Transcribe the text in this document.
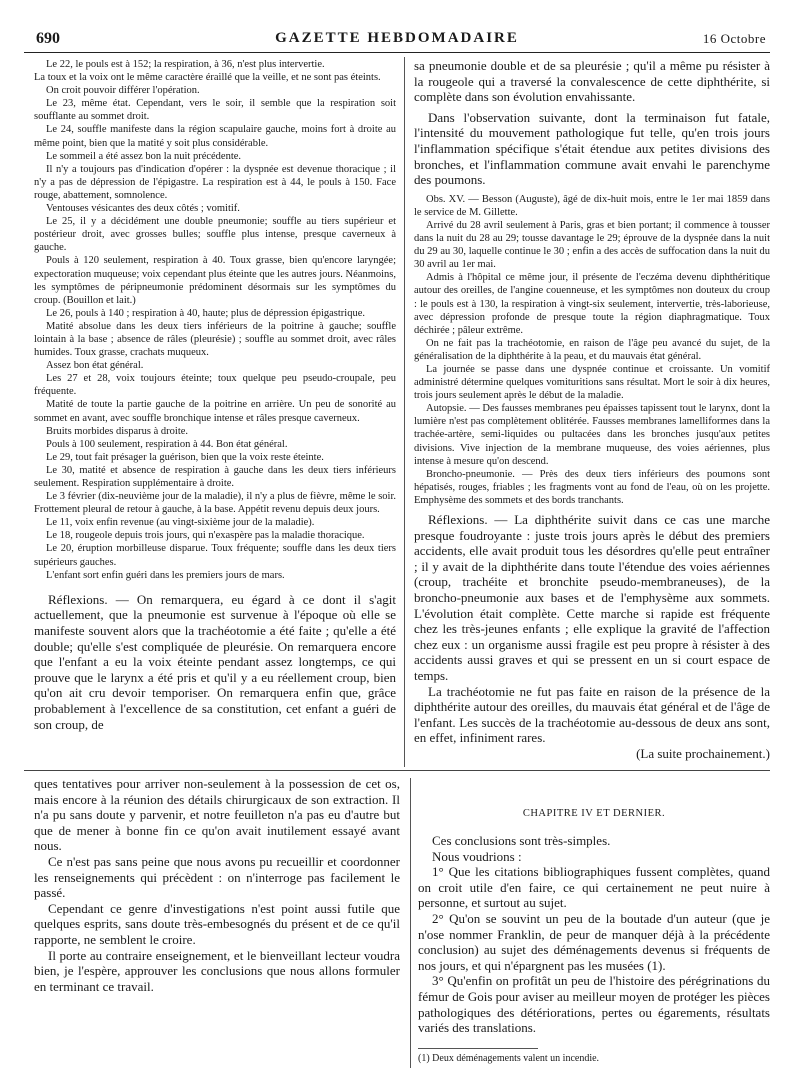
690	GAZETTE HEBDOMADAIRE	16 Octobre

Le 22, le pouls est à 152; la respiration, à 36, n'est plus intervertie.

La toux et la voix ont le même caractère éraillé que la veille, et ne sont pas éteints.

On croit pouvoir différer l'opération.

Le 23, même état. Cependant, vers le soir, il semble que la respiration soit soufflante au sommet droit.

Le 24, souffle manifeste dans la région scapulaire gauche, moins fort à droite au même point, bien que la matité y soit plus considérable.

Le sommeil a été assez bon la nuit précédente.

Il n'y a toujours pas d'indication d'opérer : la dyspnée est devenue thoracique ; il n'y a pas de dépression de l'épigastre. La respiration est à 44, le pouls à 150. Face rouge, abattement, somnolence.

Ventouses vésicantes des deux côtés ; vomitif.

Le 25, il y a décidément une double pneumonie; souffle au tiers supérieur et postérieur droit, avec grosses bulles; souffle plus intense, presque caverneux à gauche.

Pouls à 120 seulement, respiration à 40. Toux grasse, bien qu'encore laryngée; expectoration muqueuse; voix cependant plus éteinte que les autres jours. Néanmoins, les symptômes de péripneumonie prédominent désormais sur les symptômes du croup. (Bouillon et lait.)

Le 26, pouls à 140 ; respiration à 40, haute; plus de dépression épigastrique.

Matité absolue dans les deux tiers inférieurs de la poitrine à gauche; souffle lointain à la base ; absence de râles (pleurésie) ; souffle au sommet droit, avec râles humides. Toux grasse, crachats muqueux.

Assez bon état général.

Les 27 et 28, voix toujours éteinte; toux quelque peu pseudo-croupale, peu fréquente.

Matité de toute la partie gauche de la poitrine en arrière. Un peu de sonorité au sommet en avant, avec souffle bronchique intense et râles presque caverneux.

Bruits morbides disparus à droite.

Pouls à 100 seulement, respiration à 44. Bon état général.

Le 29, tout fait présager la guérison, bien que la voix reste éteinte.

Le 30, matité et absence de respiration à gauche dans les deux tiers inférieurs seulement. Respiration supplémentaire à droite.

Le 3 février (dix-neuvième jour de la maladie), il n'y a plus de fièvre, même le soir. Frottement pleural de retour à gauche, à la base. Appétit revenu depuis deux jours.

Le 11, voix enfin revenue (au vingt-sixième jour de la maladie).

Le 18, rougeole depuis trois jours, qui n'exaspère pas la maladie thoracique.

Le 20, éruption morbilleuse disparue. Toux fréquente; souffle dans les deux tiers supérieurs gauches.

L'enfant sort enfin guéri dans les premiers jours de mars.

Réflexions. — On remarquera, eu égard à ce dont il s'agit actuellement, que la pneumonie est survenue à l'époque où elle se manifeste souvent alors que la trachéotomie a été faite ; qu'elle a été double; qu'elle s'est compliquée de pleurésie. On remarquera encore que l'enfant a eu la voix éteinte pendant assez longtemps, ce qui prouve que le larynx a été pris et qu'il y a eu réellement croup, bien qu'on ait cru devoir temporiser. On remarquera enfin que, grâce probablement à l'excellence de sa constitution, cet enfant a guéri de son croup, de

sa pneumonie double et de sa pleurésie ; qu'il a même pu résister à la rougeole qui a traversé la convalescence de cette diphthérite, si complète dans son évolution envahissante.

Dans l'observation suivante, dont la terminaison fut fatale, l'intensité du mouvement pathologique fut telle, qu'en trois jours l'inflammation spécifique s'était étendue aux petites divisions des bronches, et l'inflammation commune avait envahi le parenchyme des poumons.

Obs. XV. — Besson (Auguste), âgé de dix-huit mois, entre le 1er mai 1859 dans le service de M. Gillette.

Arrivé du 28 avril seulement à Paris, gras et bien portant; il commence à tousser dans la nuit du 28 au 29; tousse davantage le 29; éprouve de la dyspnée dans la nuit du 29 au 30, laquelle continue le 30 ; enfin a des accès de suffocation dans la nuit du 30 avril au 1er mai.

Admis à l'hôpital ce même jour, il présente de l'eczéma devenu diphthéritique autour des oreilles, de l'angine couenneuse, et les symptômes non douteux du croup : le pouls est à 130, la respiration à vingt-six seulement, intervertie, très-laborieuse, avec dépression profonde de presque toute la région diaphragmatique. Toux déchirée ; pâleur extrême.

On ne fait pas la trachéotomie, en raison de l'âge peu avancé du sujet, de la généralisation de la diphthérite à la peau, et du mauvais état général.

La journée se passe dans une dyspnée continue et croissante. Un vomitif administré détermine quelques vomituritions sans résultat. Mort le soir à dix heures, trois jours seulement après le début de la maladie.

Autopsie. — Des fausses membranes peu épaisses tapissent tout le larynx, dont la lumière n'est pas complètement oblitérée. Fausses membranes lamelliformes dans la trachée-artère, semi-liquides ou pultacées dans les bronches jusqu'aux petites divisions. Vive injection de la membrane muqueuse, des voies aériennes, plus intense à mesure qu'on descend.

Broncho-pneumonie. — Près des deux tiers inférieurs des poumons sont hépatisés, rouges, friables ; les fragments vont au fond de l'eau, où on les projette. Emphysème des sommets et des bords tranchants.

Réflexions. — La diphthérite suivit dans ce cas une marche presque foudroyante : juste trois jours après le début des premiers accidents, elle avait produit tous les désordres qu'elle peut entraîner ; il y avait de la diphthérite dans toute l'étendue des voies aériennes (croup, trachéite et bronchite pseudo-membraneuses), de la broncho-pneumonie aux bases et de l'emphysème aux sommets. L'évolution était complète. Cette marche si rapide est fréquente chez les très-jeunes enfants ; elle explique la gravité de l'affection chez eux : un organisme aussi fragile est peu propre à résister à des accidents aussi graves et qui se pressent en un si court espace de temps.

La trachéotomie ne fut pas faite en raison de la présence de la diphthérite autour des oreilles, du mauvais état général et de l'âge de l'enfant. Les succès de la trachéotomie au-dessous de deux ans sont, en effet, infiniment rares.

(La suite prochainement.)

ques tentatives pour arriver non-seulement à la possession de cet os, mais encore à la réunion des détails chirurgicaux de son extraction. Il n'a pu sans doute y parvenir, et notre feuilleton n'a pas eu d'autre but que de mener à bonne fin ce qu'on avait inutilement essayé avant nous.

Ce n'est pas sans peine que nous avons pu recueillir et coordonner les renseignements qui précèdent : on n'interroge pas facilement le passé.

Cependant ce genre d'investigations n'est point aussi futile que quelques esprits, sans doute très-embesognés du présent et de ce qu'il rapporte, ne semblent le croire.

Il porte au contraire enseignement, et le bienveillant lecteur voudra bien, je l'espère, approuver les conclusions que nous allons formuler en terminant ce travail.

CHAPITRE IV ET DERNIER.

Ces conclusions sont très-simples.

Nous voudrions :

1° Que les citations bibliographiques fussent complètes, quand on croit utile d'en faire, ce qui certainement ne peut nuire à personne, et surtout au sujet.

2° Qu'on se souvint un peu de la boutade d'un auteur (que je n'ose nommer Franklin, de peur de manquer déjà à la précédente conclusion) au sujet des déménagements devenus si fréquents de nos jours, et qui n'épargnent pas les musées (1).

3° Qu'enfin on profitât un peu de l'histoire des pérégrinations du fémur de Gois pour aviser au meilleur moyen de protéger les pièces pathologiques des détériorations, pertes ou égarements, résultats variés des translations.

(1) Deux déménagements valent un incendie.
